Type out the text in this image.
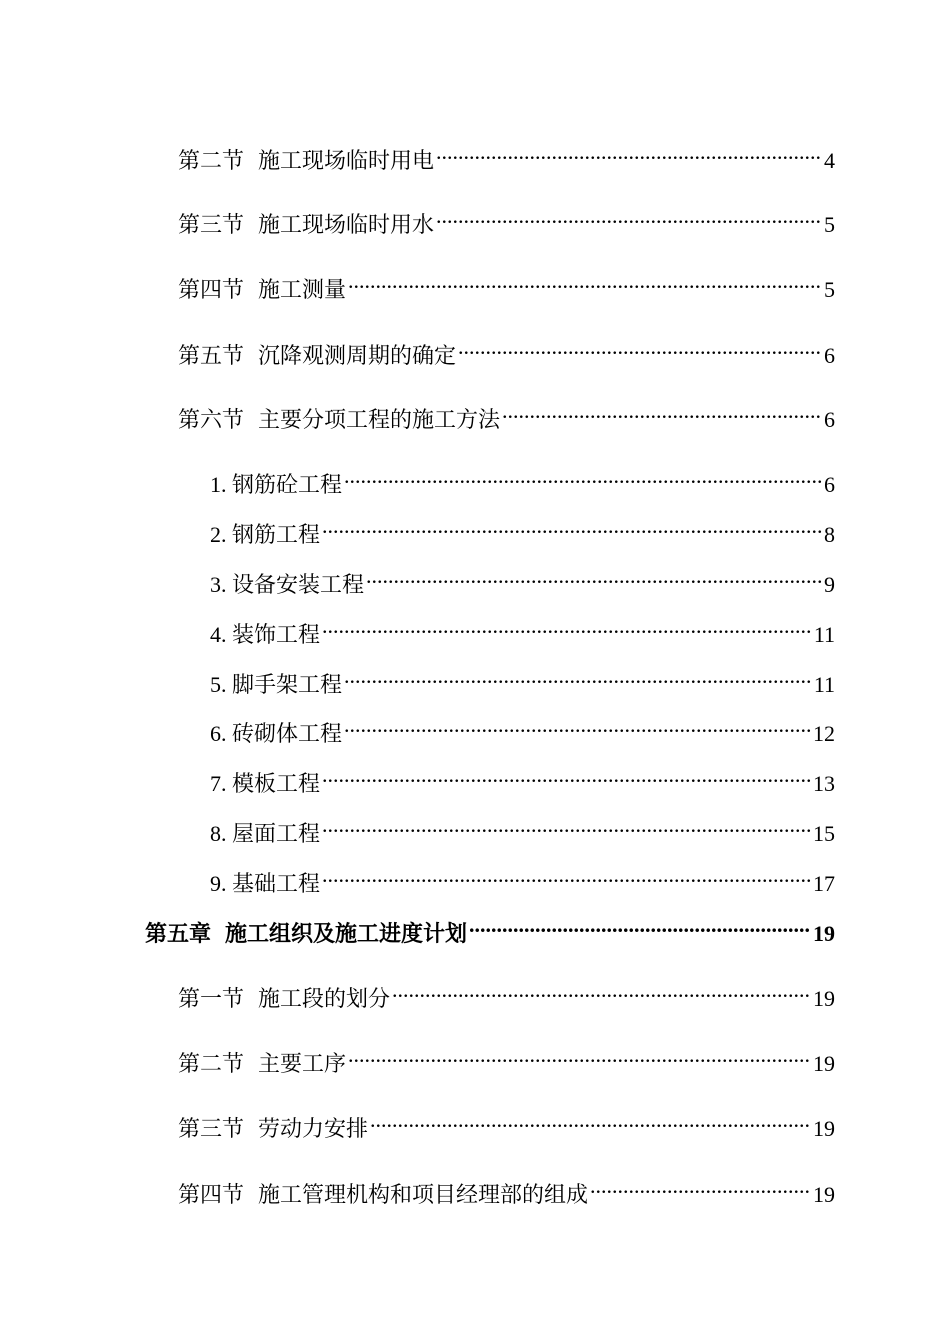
第二节 施工现场临时用电 .....	4
第三节 施工现场临时用水 .....	5
第四节 施工测量 .....	5
第五节 沉降观测周期的确定 .....	6
第六节 主要分项工程的施工方法 .....	6
1. 钢筋砼工程 .....	6
2. 钢筋工程 .....	8
3. 设备安装工程 .....	9
4. 装饰工程 .....	11
5. 脚手架工程 .....	11
6. 砖砌体工程 .....	12
7. 模板工程 .....	13
8. 屋面工程 .....	15
9. 基础工程 .....	17
第五章 施工组织及施工进度计划 .....	19
第一节 施工段的划分 .....	19
第二节 主要工序 .....	19
第三节 劳动力安排 .....	19
第四节 施工管理机构和项目经理部的组成 .....	19
